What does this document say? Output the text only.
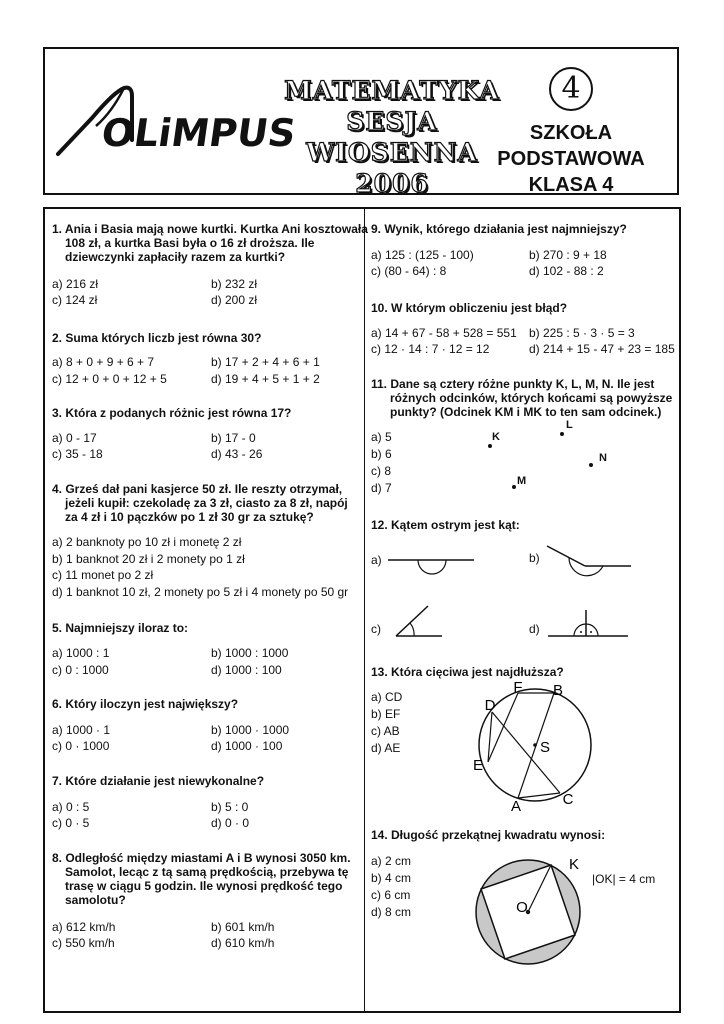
OLiMPUS
MATEMATYKA
SESJA WIOSENNA
2006
4
SZKOŁA
PODSTAWOWA
KLASA 4
1. Ania i Basia mają nowe kurtki. Kurtka Ani kosztowała
108 zł, a kurtka Basi była o 16 zł droższa. Ile
dziewczynki zapłaciły razem za kurtki?
a) 216 zł	b) 232 zł
c) 124 zł	d) 200 zł
2. Suma których liczb jest równa 30?
a) 8 + 0 + 9 + 6 + 7	b) 17 + 2 + 4 + 6 + 1
c) 12 + 0 + 0 + 12 + 5	d) 19 + 4 + 5 + 1 + 2
3. Która z podanych różnic jest równa 17?
a) 0 - 17	b) 17 - 0
c) 35 - 18	d) 43 - 26
4. Grześ dał pani kasjerce 50 zł. Ile reszty otrzymał,
jeżeli kupił: czekoladę za 3 zł, ciasto za 8 zł, napój
za 4 zł i 10 pączków po 1 zł 30 gr za sztukę?
a) 2 banknoty po 10 zł i monetę 2 zł
b) 1 banknot 20 zł i 2 monety po 1 zł
c) 11 monet po 2 zł
d) 1 banknot 10 zł, 2 monety po 5 zł i 4 monety po 50 gr
5. Najmniejszy iloraz to:
a) 1000 : 1	b) 1000 : 1000
c) 0 : 1000	d) 1000 : 100
6. Który iloczyn jest największy?
a) 1000 · 1	b) 1000 · 1000
c) 0 · 1000	d) 1000 · 100
7. Które działanie jest niewykonalne?
a) 0 : 5	b) 5 : 0
c) 0 · 5	d) 0 · 0
8. Odległość między miastami A i B wynosi 3050 km.
Samolot, lecąc z tą samą prędkością, przebywa tę
trasę w ciągu 5 godzin. Ile wynosi prędkość tego
samolotu?
a) 612 km/h	b) 601 km/h
c) 550 km/h	d) 610 km/h
9. Wynik, którego działania jest najmniejszy?
a) 125 : (125 - 100)	b) 270 : 9 + 18
c) (80 - 64) : 8	d) 102 - 88 : 2
10. W którym obliczeniu jest błąd?
a) 14 + 67 - 58 + 528 = 551 b) 225 : 5 · 3 · 5 = 3
c) 12 · 14 : 7 · 12 = 12	d) 214 + 15 - 47 + 23 = 185
11. Dane są cztery różne punkty K, L, M, N. Ile jest
różnych odcinków, których końcami są powyższe
punkty? (Odcinek KM i MK to ten sam odcinek.)
a) 5
b) 6
c) 8
d) 7
K
L
N
M
12. Kątem ostrym jest kąt:
a)	b)
c)	d)
13. Która cięciwa jest najdłuższa?
a) CD
b) EF
c) AB
d) AE
F B
D
S
E
A	C
14. Długość przekątnej kwadratu wynosi:
a) 2 cm
b) 4 cm
c) 6 cm
d) 8 cm
K
O
|OK| = 4 cm
